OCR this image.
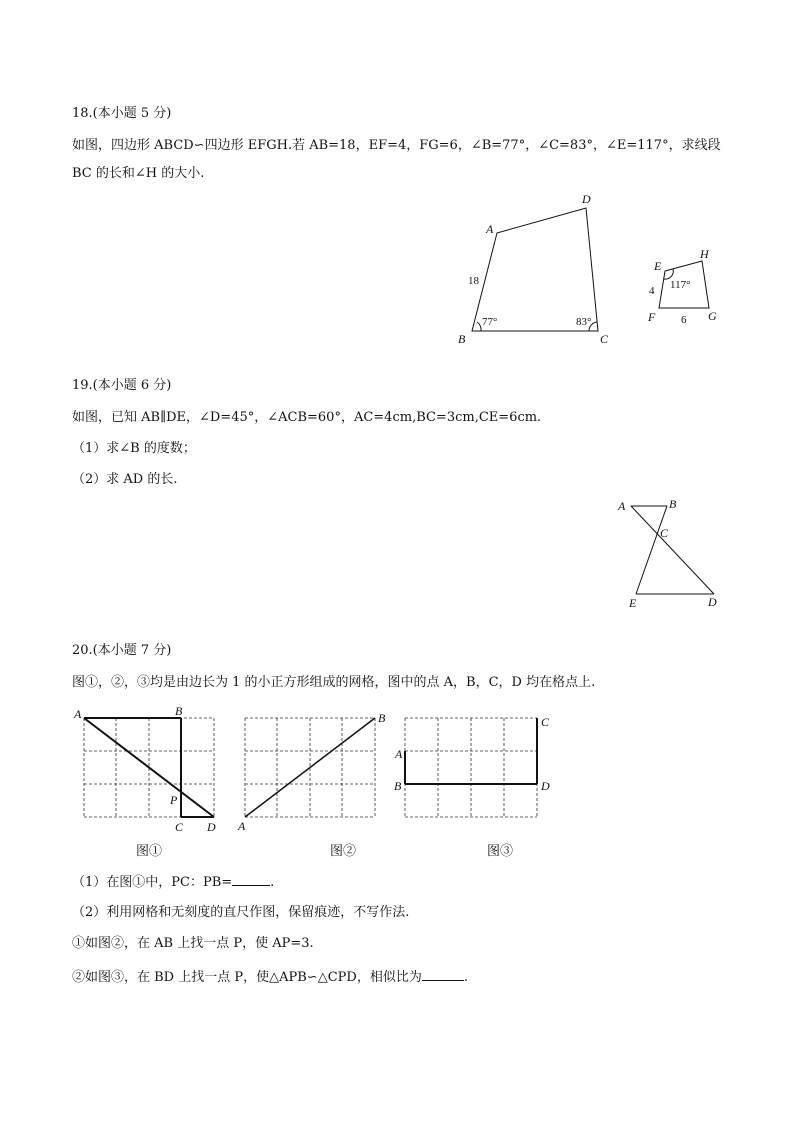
18.(本小题 5 分)
如图，四边形 ABCD∽四边形 EFGH.若 AB=18，EF=4，FG=6，∠B=77°，∠C=83°，∠E=117°，求线段
BC 的长和∠H 的大小.
A
D
B	C
18
77°	83°
E
H
F	G
4
6
117°
A	B
C
E	D
A	B
P
C D A
B
A
B
C
D
19.(本小题 6 分)
如图，已知 AB∥DE，∠D=45°，∠ACB=60°，AC=4cm,BC=3cm,CE=6cm.
（1）求∠B 的度数；
（2）求 AD 的长.
20.(本小题 7 分)
图①，②，③均是由边长为 1 的小正方形组成的网格，图中的点 A，B，C，D 均在格点上.
图①	图②	图③
（1）在图①中，PC：PB=	.
（2）利用网格和无刻度的直尺作图，保留痕迹，不写作法.
①如图②，在 AB 上找一点 P，使 AP=3.
②如图③，在 BD 上找一点 P，使△APB∽△CPD，相似比为	.
